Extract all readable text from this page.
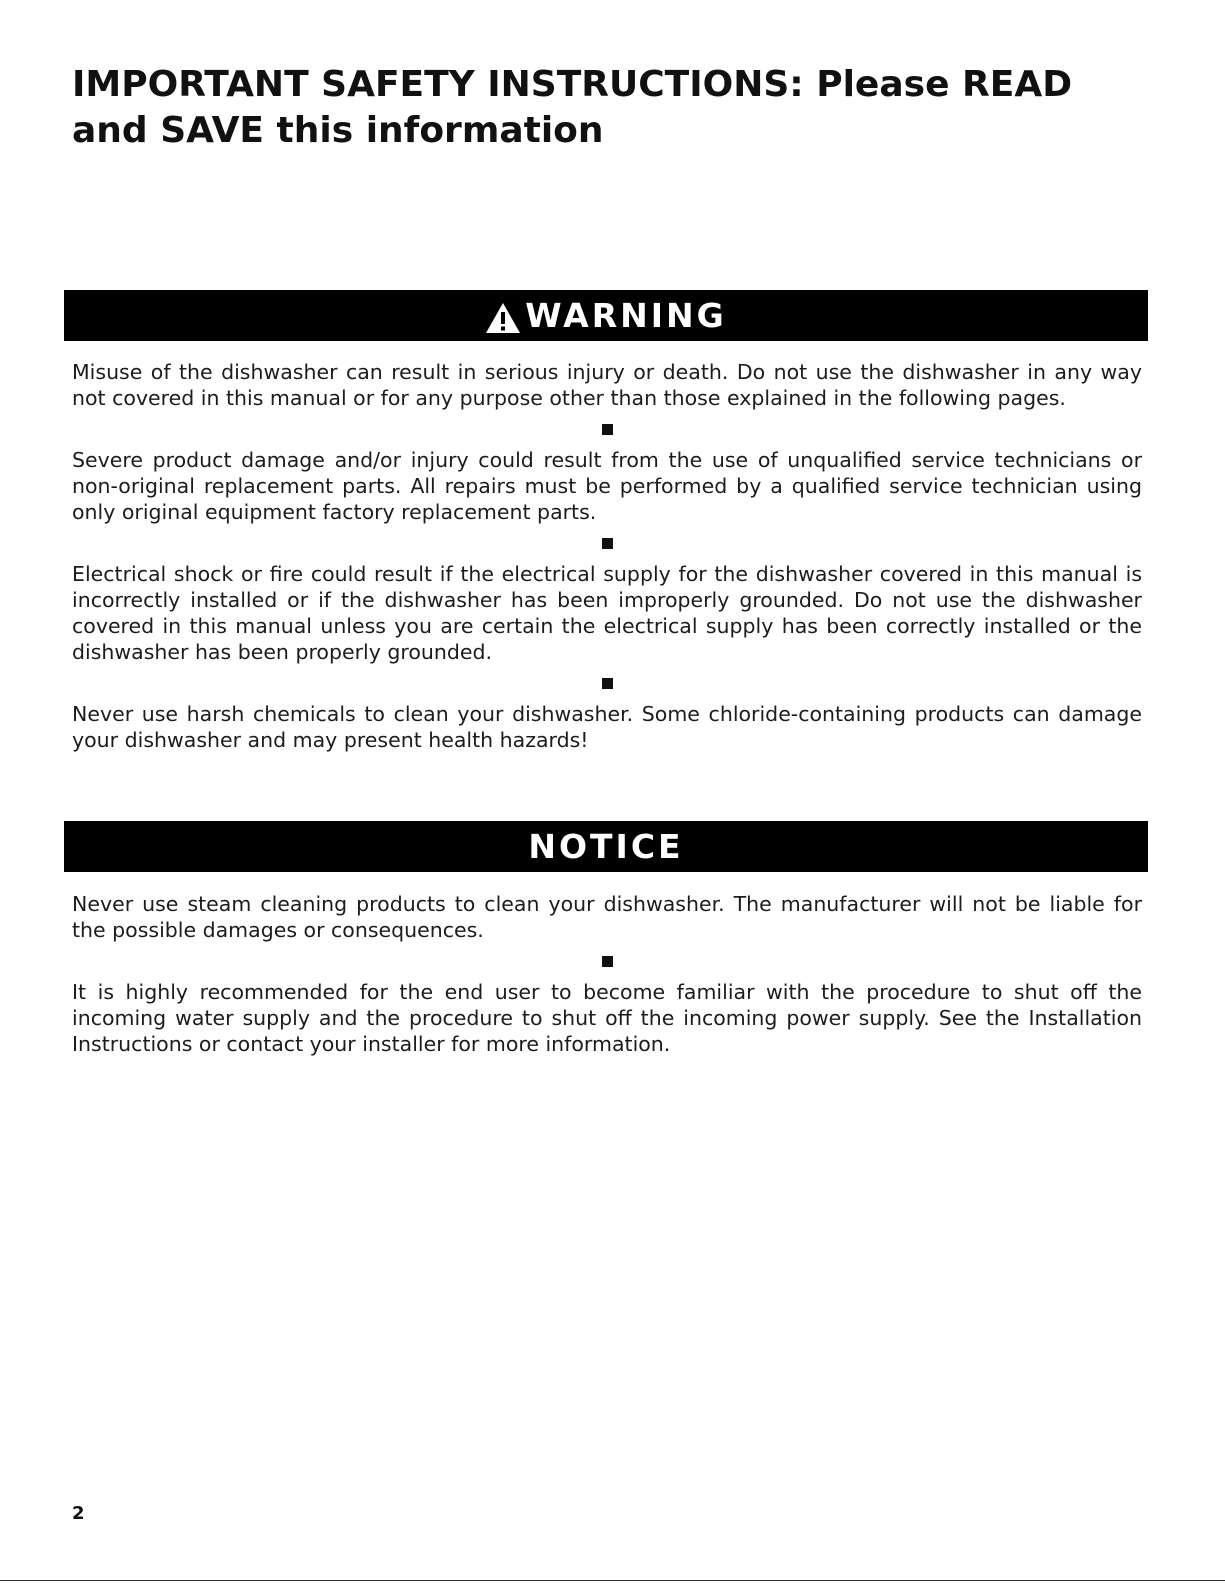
IMPORTANT SAFETY INSTRUCTIONS: Please READ
and SAVE this information
WARNING

Misuse of the dishwasher can result in serious injury or death. Do not use the dishwasher in any way not covered in this manual or for any purpose other than those explained in the following pages.

Severe product damage and/or injury could result from the use of unqualified service technicians or non-original replacement parts. All repairs must be performed by a qualified service technician using only original equipment factory replacement parts.

Electrical shock or fire could result if the electrical supply for the dishwasher covered in this manual is incorrectly installed or if the dishwasher has been improperly grounded. Do not use the dishwasher covered in this manual unless you are certain the electrical supply has been correctly installed or the dishwasher has been properly grounded.

Never use harsh chemicals to clean your dishwasher. Some chloride-containing products can damage your dishwasher and may present health hazards!

NOTICE

Never use steam cleaning products to clean your dishwasher. The manufacturer will not be liable for the possible damages or consequences.

It is highly recommended for the end user to become familiar with the procedure to shut off the incoming water supply and the procedure to shut off the incoming power supply. See the Installation Instructions or contact your installer for more information.

2
